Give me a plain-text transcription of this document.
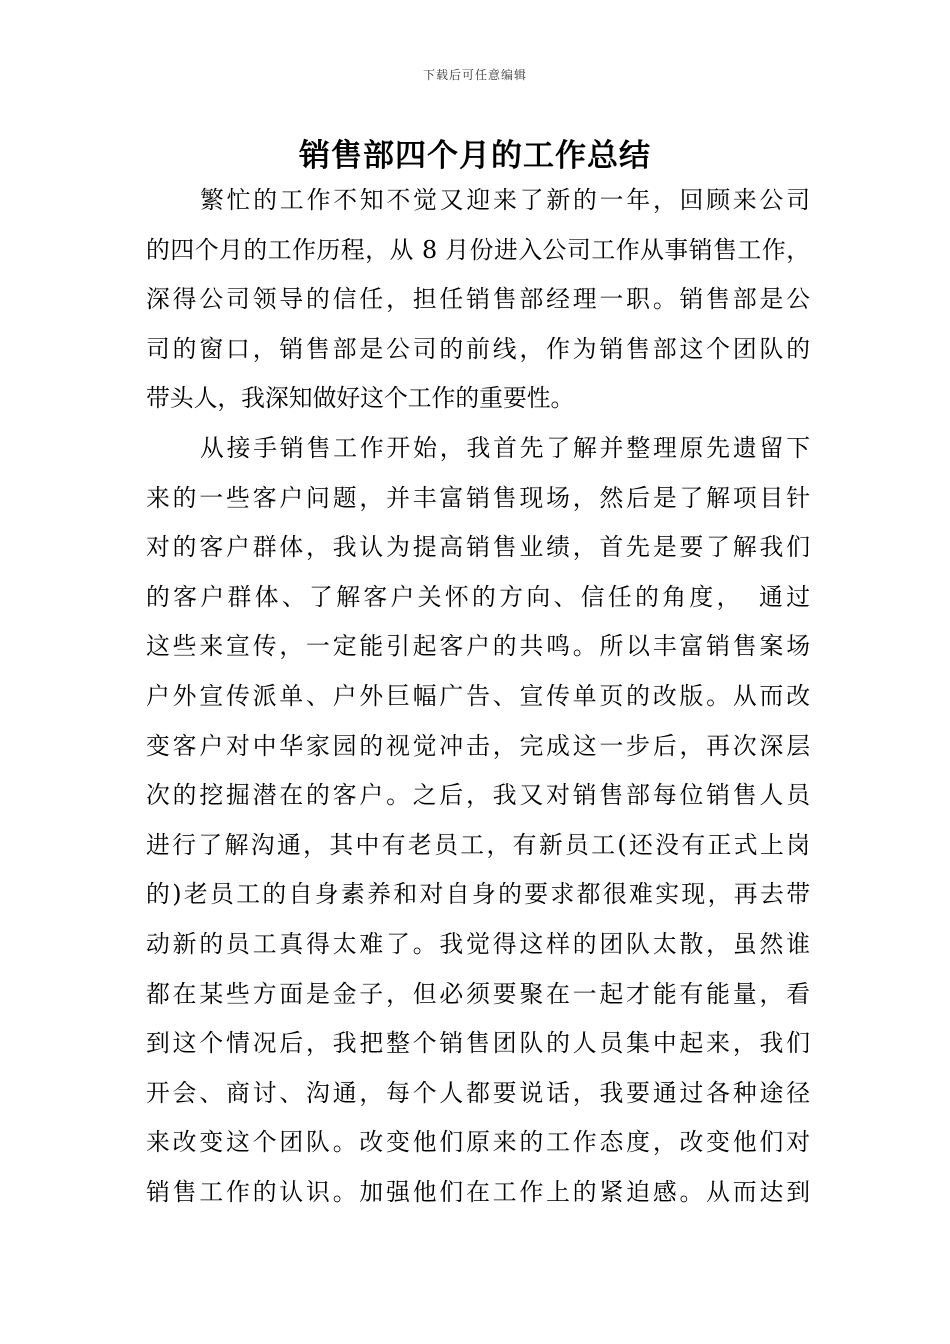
下载后可任意编辑
销售部四个月的工作总结
繁忙的工作不知不觉又迎来了新的一年，回顾来公司
的四个月的工作历程，从 8 月份进入公司工作从事销售工作，
深得公司领导的信任，担任销售部经理一职。销售部是公
司的窗口，销售部是公司的前线，作为销售部这个团队的
带头人，我深知做好这个工作的重要性。
从接手销售工作开始，我首先了解并整理原先遗留下
来的一些客户问题，并丰富销售现场，然后是了解项目针
对的客户群体，我认为提高销售业绩，首先是要了解我们
的客户群体、了解客户关怀的方向、信任的角度，　通过
这些来宣传，一定能引起客户的共鸣。所以丰富销售案场
户外宣传派单、户外巨幅广告、宣传单页的改版。从而改
变客户对中华家园的视觉冲击，完成这一步后，再次深层
次的挖掘潜在的客户。之后，我又对销售部每位销售人员
进行了解沟通，其中有老员工，有新员工(还没有正式上岗
的)老员工的自身素养和对自身的要求都很难实现，再去带
动新的员工真得太难了。我觉得这样的团队太散，虽然谁
都在某些方面是金子，但必须要聚在一起才能有能量，看
到这个情况后，我把整个销售团队的人员集中起来，我们
开会、商讨、沟通，每个人都要说话，我要通过各种途径
来改变这个团队。改变他们原来的工作态度，改变他们对
销售工作的认识。加强他们在工作上的紧迫感。从而达到
